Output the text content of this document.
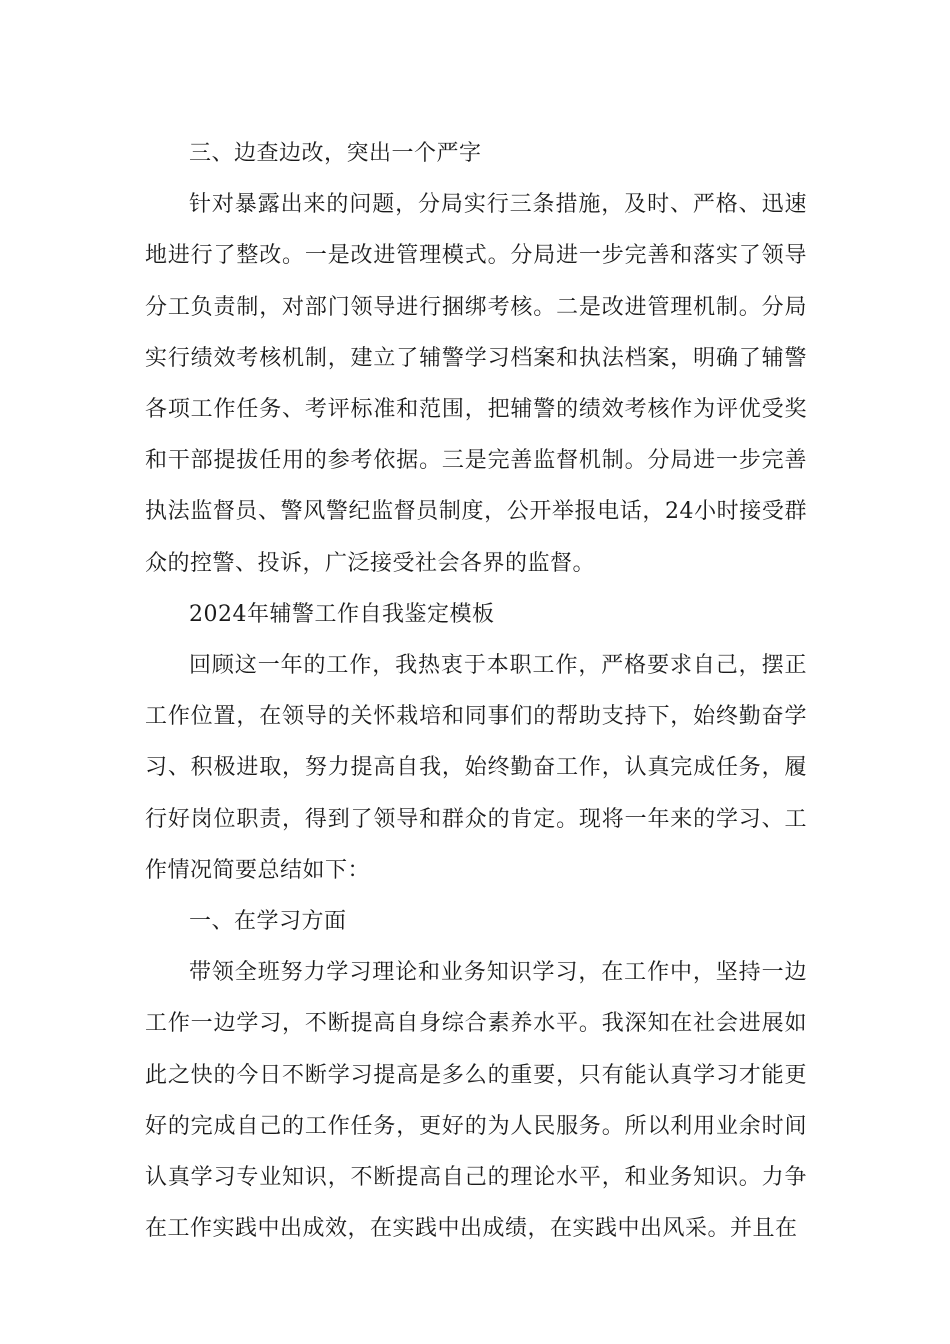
三、边查边改，突出一个严字

针对暴露出来的问题，分局实行三条措施，及时、严格、迅速地进行了整改。一是改进管理模式。分局进一步完善和落实了领导分工负责制，对部门领导进行捆绑考核。二是改进管理机制。分局实行绩效考核机制，建立了辅警学习档案和执法档案，明确了辅警各项工作任务、考评标准和范围，把辅警的绩效考核作为评优受奖和干部提拔任用的参考依据。三是完善监督机制。分局进一步完善执法监督员、警风警纪监督员制度，公开举报电话，24小时接受群众的控警、投诉，广泛接受社会各界的监督。

2024年辅警工作自我鉴定模板

回顾这一年的工作，我热衷于本职工作，严格要求自己，摆正工作位置，在领导的关怀栽培和同事们的帮助支持下，始终勤奋学习、积极进取，努力提高自我，始终勤奋工作，认真完成任务，履行好岗位职责，得到了领导和群众的肯定。现将一年来的学习、工作情况简要总结如下：

一、在学习方面

带领全班努力学习理论和业务知识学习，在工作中，坚持一边工作一边学习，不断提高自身综合素养水平。我深知在社会进展如此之快的今日不断学习提高是多么的重要，只有能认真学习才能更好的完成自己的工作任务，更好的为人民服务。所以利用业余时间认真学习专业知识，不断提高自己的理论水平，和业务知识。力争在工作实践中出成效，在实践中出成绩，在实践中出风采。并且在
